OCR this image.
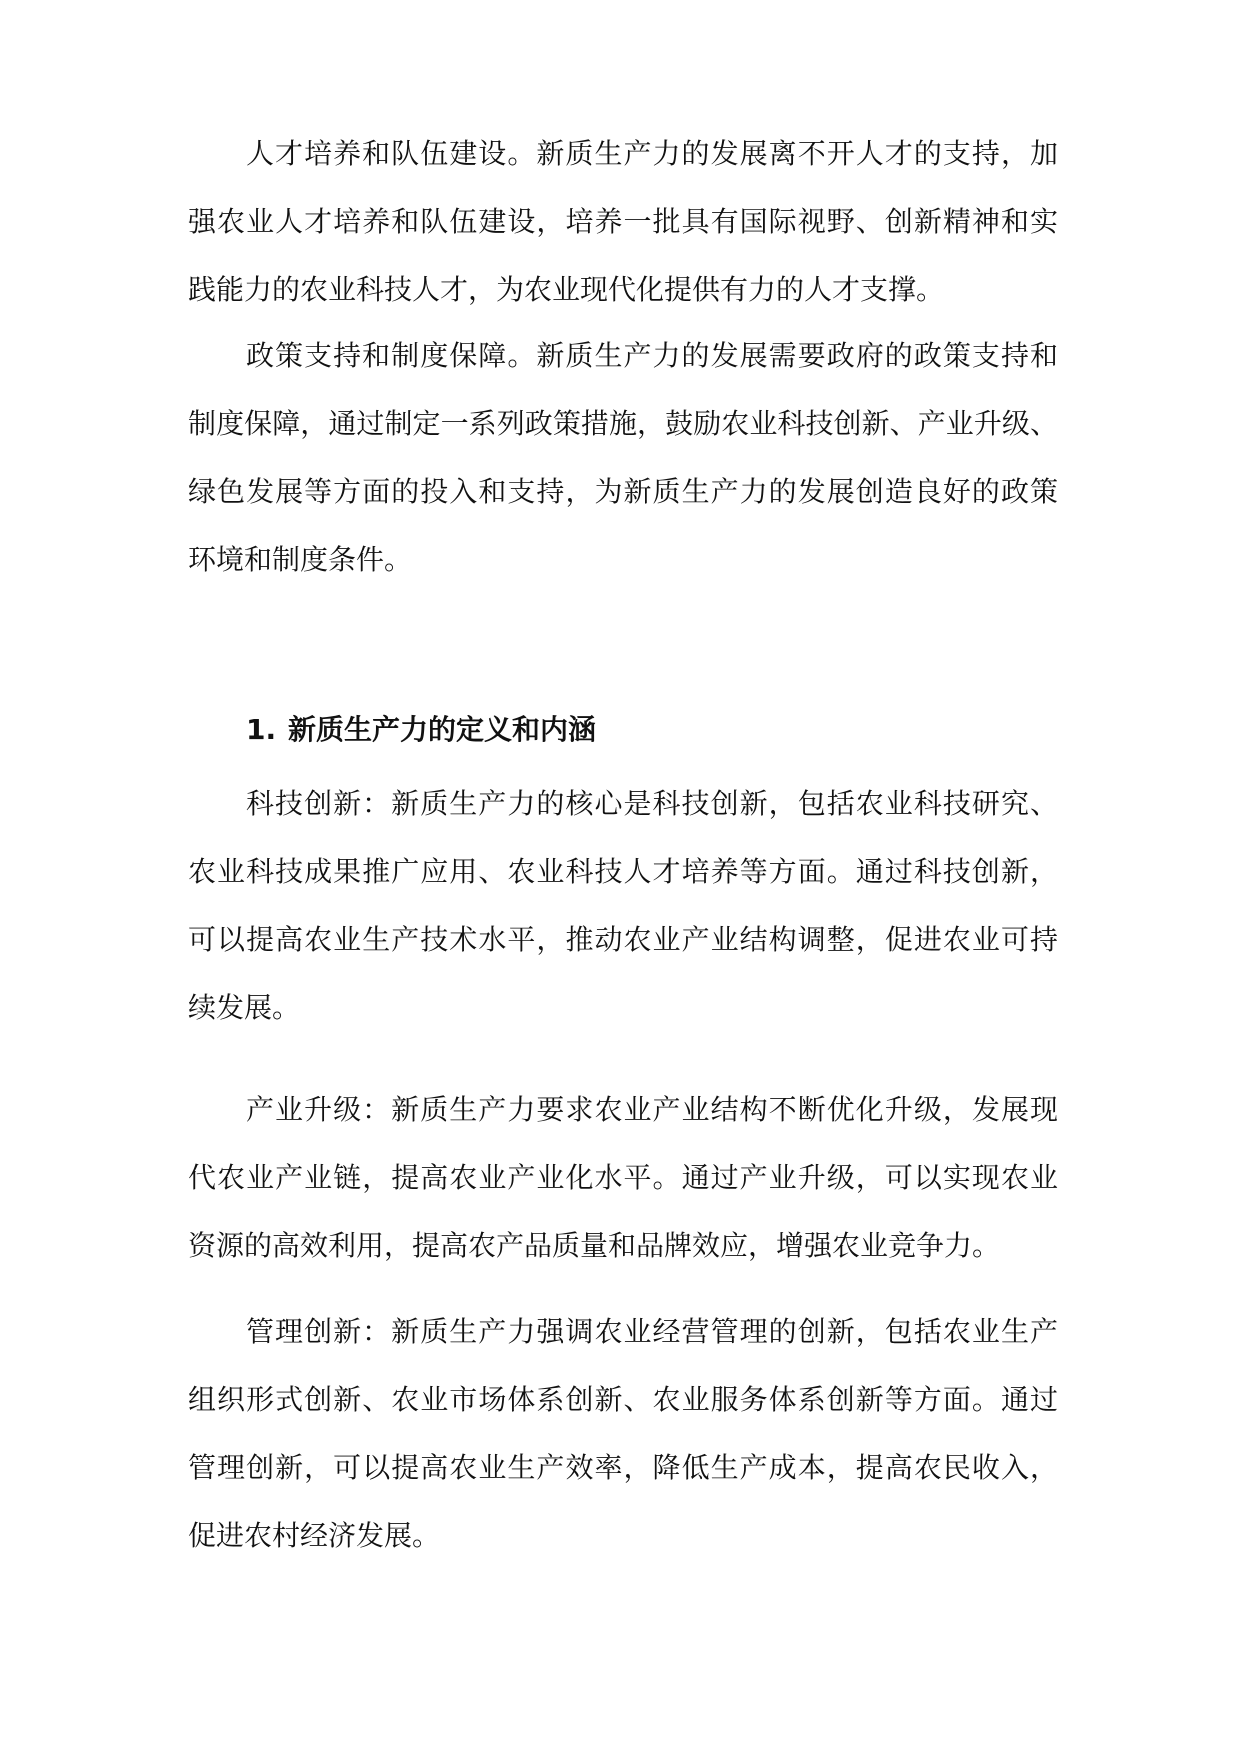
人才培养和队伍建设。新质生产力的发展离不开人才的支持，加
强农业人才培养和队伍建设，培养一批具有国际视野、创新精神和实
践能力的农业科技人才，为农业现代化提供有力的人才支撑。
政策支持和制度保障。新质生产力的发展需要政府的政策支持和
制度保障，通过制定一系列政策措施，鼓励农业科技创新、产业升级、
绿色发展等方面的投入和支持，为新质生产力的发展创造良好的政策
环境和制度条件。
1. 新质生产力的定义和内涵
科技创新：新质生产力的核心是科技创新，包括农业科技研究、
农业科技成果推广应用、农业科技人才培养等方面。通过科技创新，
可以提高农业生产技术水平，推动农业产业结构调整，促进农业可持
续发展。
产业升级：新质生产力要求农业产业结构不断优化升级，发展现
代农业产业链，提高农业产业化水平。通过产业升级，可以实现农业
资源的高效利用，提高农产品质量和品牌效应，增强农业竞争力。
管理创新：新质生产力强调农业经营管理的创新，包括农业生产
组织形式创新、农业市场体系创新、农业服务体系创新等方面。通过
管理创新，可以提高农业生产效率，降低生产成本，提高农民收入，
促进农村经济发展。
